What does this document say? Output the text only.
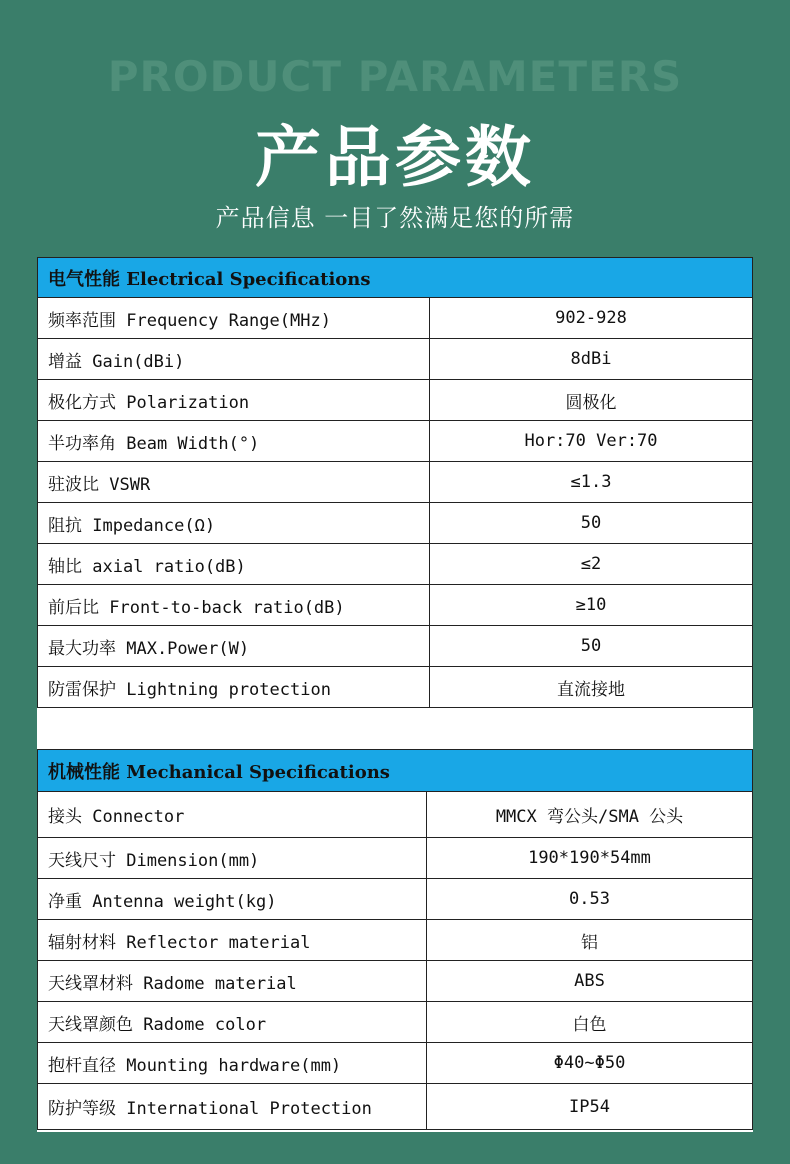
PRODUCT PARAMETERS
产品参数
产品信息 一目了然满足您的所需
电气性能 Electrical Specifications	
频率范围 Frequency Range(MHz)	902-928
增益 Gain(dBi)	8dBi
极化方式 Polarization	圆极化
半功率角 Beam Width(°)	Hor:70 Ver:70
驻波比 VSWR	≤1.3
阻抗 Impedance(Ω)	50
轴比 axial ratio(dB)	≤2
前后比 Front-to-back ratio(dB)	≥10
最大功率 MAX.Power(W)	50
防雷保护 Lightning protection	直流接地
机械性能 Mechanical Specifications	
接头 Connector	MMCX 弯公头/SMA 公头
天线尺寸 Dimension(mm)	190*190*54mm
净重 Antenna weight(kg)	0.53
辐射材料 Reflector material	铝
天线罩材料 Radome material	ABS
天线罩颜色 Radome color	白色
抱杆直径 Mounting hardware(mm)	Φ40~Φ50
防护等级 International Protection	IP54
